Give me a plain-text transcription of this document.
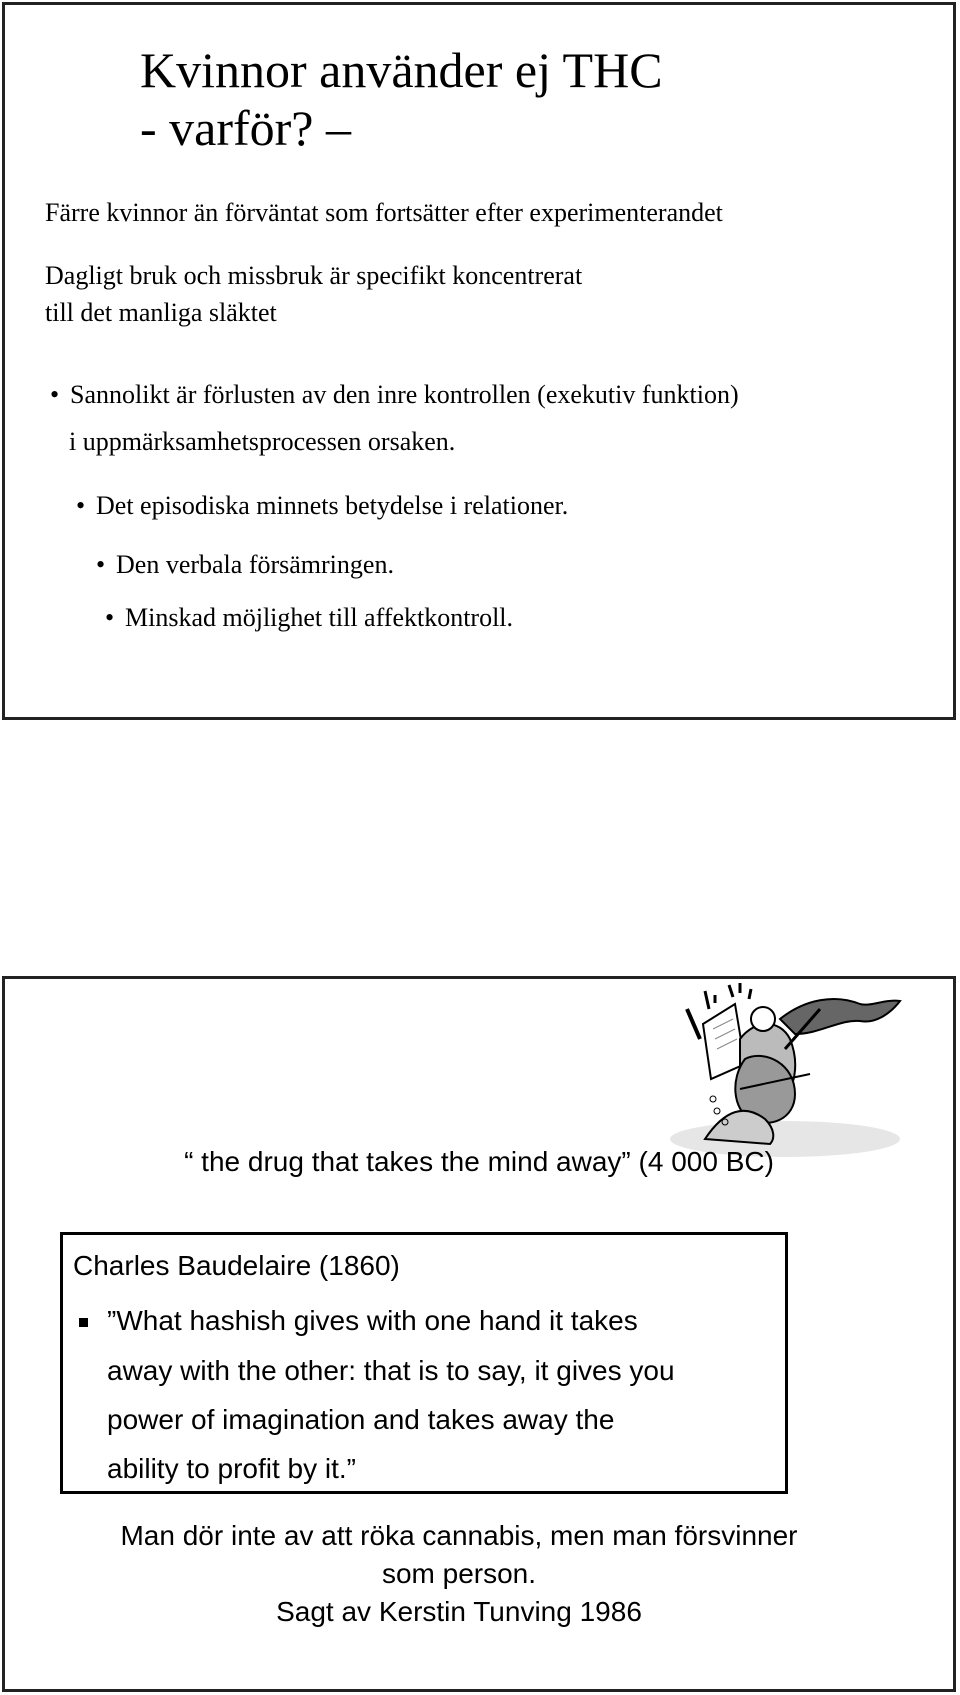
Kvinnor använder ej THC
- varför? –
Färre kvinnor än förväntat som fortsätter efter experimenterandet
Dagligt bruk och missbruk är specifikt koncentrerat
till det manliga släktet
• Sannolikt är förlusten av den inre kontrollen (exekutiv funktion)
i uppmärksamhetsprocessen orsaken.
• Det episodiska minnets betydelse i relationer.
• Den verbala försämringen.
• Minskad möjlighet till affektkontroll.
“ the drug that takes the mind away” (4 000 BC)
Charles Baudelaire (1860)
”What hashish gives with one hand it takes
away with the other: that is to say, it gives you
power of imagination and takes away the
ability to profit by it.”
Man dör inte av att röka cannabis, men man försvinner
som person.
Sagt av Kerstin Tunving 1986
